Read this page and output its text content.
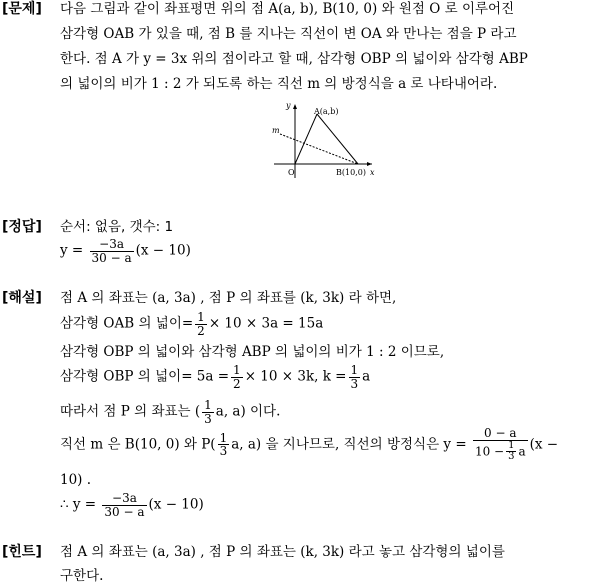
[문제] 다음 그림과 같이 좌표평면 위의 점 A(a, b), B(10, 0) 와 원점 O 로 이루어진
삼각형 OAB 가 있을 때, 점 B 를 지나는 직선이 변 OA 와 만나는 점을 P 라고
한다. 점 A 가 y = 3x 위의 점이라고 할 때, 삼각형 OBP 의 넓이와 삼각형 ABP
의 넓이의 비가 1 : 2 가 되도록 하는 직선 m 의 방정식을 a 로 나타내어라.
y
x
A(a,b)
B(10,0)
O
m
[정답] 순서: 없음, 갯수: 1
$y = \frac{-3a}{30 - a} (x - 10)$
[해설] 점 A 의 좌표는 (a, 3a) , 점 P 의 좌표를 (k, 3k) 라 하면,
삼각형 OAB 의 넓이= $\frac{1}{2} \times 10 \times 3a = 15a$
삼각형 OBP 의 넓이와 삼각형 ABP 의 넓이의 비가 1 : 2 이므로,
삼각형 OBP 의 넓이= $5a = \frac{1}{2} \times 10 \times 3k$, $k = \frac{1}{3}$ a
따라서 점 P 의 좌표는 ( $\frac{1}{3} a$, a) 이다.
직선 m 은 B(10, 0) 와 $P( \frac{1}{3} a$, a) 을 지나므로, 직선의 방정식은 $y = \frac{0 - a}{10 - \frac{1}{3} a} (x$ −
10) .
∴ $y = \frac{-3a}{30 - a} (x - 10)$
[힌트] 점 A 의 좌표는 (a, 3a) , 점 P 의 좌표는 (k, 3k) 라고 놓고 삼각형의 넓이를
구한다.
